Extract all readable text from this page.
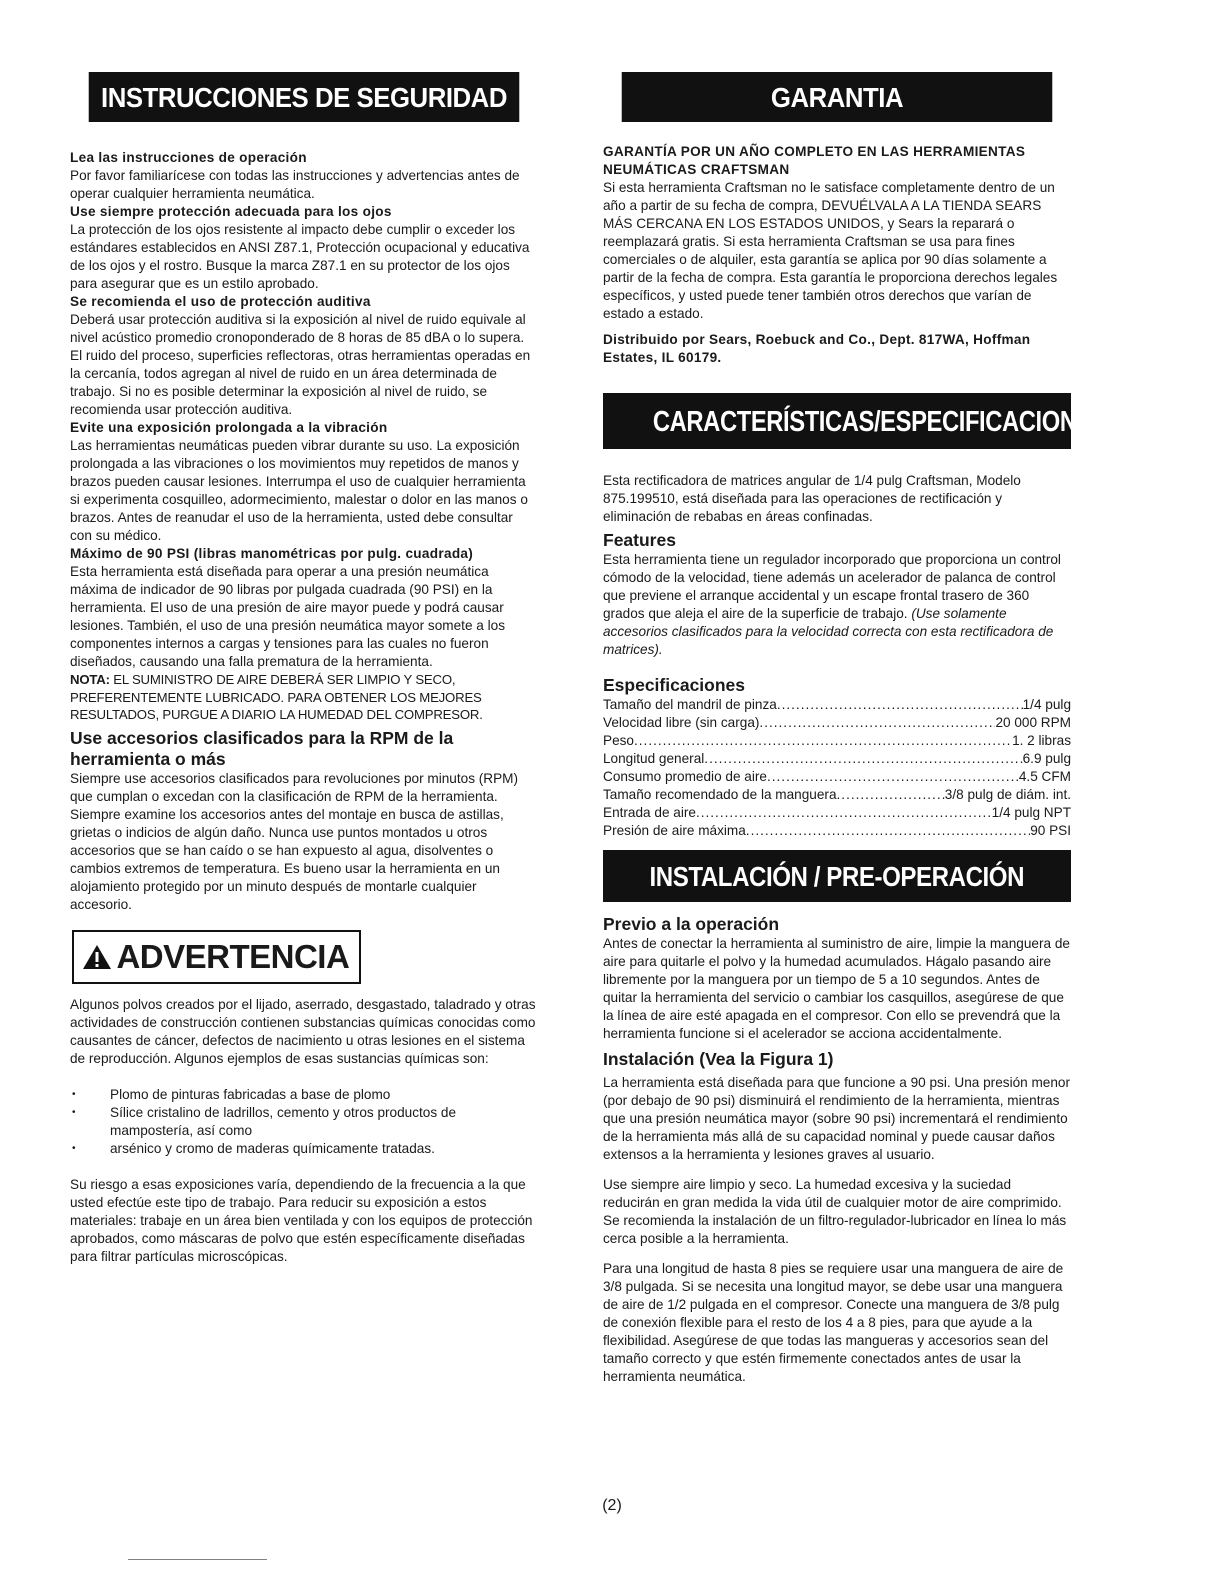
INSTRUCCIONES DE SEGURIDAD

Lea las instrucciones de operación

Por favor familiarícese con todas las instrucciones y advertencias antes de operar cualquier herramienta neumática.

Use siempre protección adecuada para los ojos

La protección de los ojos resistente al impacto debe cumplir o exceder los estándares establecidos en ANSI Z87.1, Protección ocupacional y educativa de los ojos y el rostro. Busque la marca Z87.1 en su protector de los ojos para asegurar que es un estilo aprobado.

Se recomienda el uso de protección auditiva

Deberá usar protección auditiva si la exposición al nivel de ruido equivale al nivel acústico promedio cronoponderado de 8 horas de 85 dBA o lo supera. El ruido del proceso, superficies reflectoras, otras herramientas operadas en la cercanía, todos agregan al nivel de ruido en un área determinada de trabajo. Si no es posible determinar la exposición al nivel de ruido, se recomienda usar protección auditiva.

Evite una exposición prolongada a la vibración

Las herramientas neumáticas pueden vibrar durante su uso. La exposición prolongada a las vibraciones o los movimientos muy repetidos de manos y brazos pueden causar lesiones. Interrumpa el uso de cualquier herramienta si experimenta cosquilleo, adormecimiento, malestar o dolor en las manos o brazos. Antes de reanudar el uso de la herramienta, usted debe consultar con su médico.

Máximo de 90 PSI (libras manométricas por pulg. cuadrada)

Esta herramienta está diseñada para operar a una presión neumática máxima de indicador de 90 libras por pulgada cuadrada (90 PSI) en la herramienta. El uso de una presión de aire mayor puede y podrá causar lesiones. También, el uso de una presión neumática mayor somete a los componentes internos a cargas y tensiones para las cuales no fueron diseñados, causando una falla prematura de la herramienta.

NOTA: EL SUMINISTRO DE AIRE DEBERÁ SER LIMPIO Y SECO, PREFERENTEMENTE LUBRICADO. PARA OBTENER LOS MEJORES RESULTADOS, PURGUE A DIARIO LA HUMEDAD DEL COMPRESOR.

Use accesorios clasificados para la RPM de la herramienta o más

Siempre use accesorios clasificados para revoluciones por minutos (RPM) que cumplan o excedan con la clasificación de RPM de la herramienta. Siempre examine los accesorios antes del montaje en busca de astillas, grietas o indicios de algún daño. Nunca use puntos montados u otros accesorios que se han caído o se han expuesto al agua, disolventes o cambios extremos de temperatura. Es bueno usar la herramienta en un alojamiento protegido por un minuto después de montarle cualquier accesorio.

ADVERTENCIA

Algunos polvos creados por el lijado, aserrado, desgastado, taladrado y otras actividades de construcción contienen substancias químicas conocidas como causantes de cáncer, defectos de nacimiento u otras lesiones en el sistema de reproducción. Algunos ejemplos de esas sustancias químicas son:

• Plomo de pinturas fabricadas a base de plomo
• Sílice cristalino de ladrillos, cemento y otros productos de mampostería, así como
• arsénico y cromo de maderas químicamente tratadas.

Su riesgo a esas exposiciones varía, dependiendo de la frecuencia a la que usted efectúe este tipo de trabajo. Para reducir su exposición a estos materiales: trabaje en un área bien ventilada y con los equipos de protección aprobados, como máscaras de polvo que estén específicamente diseñadas para filtrar partículas microscópicas.

GARANTIA

GARANTÍA POR UN AÑO COMPLETO EN LAS HERRAMIENTAS NEUMÁTICAS CRAFTSMAN

Si esta herramienta Craftsman no le satisface completamente dentro de un año a partir de su fecha de compra, DEVUÉLVALA A LA TIENDA SEARS MÁS CERCANA EN LOS ESTADOS UNIDOS, y Sears la reparará o reemplazará gratis. Si esta herramienta Craftsman se usa para fines comerciales o de alquiler, esta garantía se aplica por 90 días solamente a partir de la fecha de compra. Esta garantía le proporciona derechos legales específicos, y usted puede tener también otros derechos que varían de estado a estado.

Distribuido por Sears, Roebuck and Co., Dept. 817WA, Hoffman Estates, IL 60179.

CARACTERÍSTICAS/ESPECIFICACIONES

Esta rectificadora de matrices angular de 1/4 pulg Craftsman, Modelo 875.199510, está diseñada para las operaciones de rectificación y eliminación de rebabas en áreas confinadas.

Features

Esta herramienta tiene un regulador incorporado que proporciona un control cómodo de la velocidad, tiene además un acelerador de palanca de control que previene el arranque accidental y un escape frontal trasero de 360 grados que aleja el aire de la superficie de trabajo. (Use solamente accesorios clasificados para la velocidad correcta con esta rectificadora de matrices).

Especificaciones

Tamaño del mandril de pinza .....	1/4 pulg
Velocidad libre (sin carga) .....	20 000 RPM
Peso .....	1. 2 libras
Longitud general .....	6.9 pulg
Consumo promedio de aire .....	4.5 CFM
Tamaño recomendado de la manguera .....	3/8 pulg de diám. int.
Entrada de aire .....	1/4 pulg NPT
Presión de aire máxima .....	90 PSI
INSTALACIÓN / PRE-OPERACIÓN

Previo a la operación

Antes de conectar la herramienta al suministro de aire, limpie la manguera de aire para quitarle el polvo y la humedad acumulados. Hágalo pasando aire libremente por la manguera por un tiempo de 5 a 10 segundos. Antes de quitar la herramienta del servicio o cambiar los casquillos, asegúrese de que la línea de aire esté apagada en el compresor. Con ello se prevendrá que la herramienta funcione si el acelerador se acciona accidentalmente.

Instalación (Vea la Figura 1)

La herramienta está diseñada para que funcione a 90 psi. Una presión menor (por debajo de 90 psi) disminuirá el rendimiento de la herramienta, mientras que una presión neumática mayor (sobre 90 psi) incrementará el rendimiento de la herramienta más allá de su capacidad nominal y puede causar daños extensos a la herramienta y lesiones graves al usuario.

Use siempre aire limpio y seco. La humedad excesiva y la suciedad reducirán en gran medida la vida útil de cualquier motor de aire comprimido. Se recomienda la instalación de un filtro-regulador-lubricador en línea lo más cerca posible a la herramienta.

Para una longitud de hasta 8 pies se requiere usar una manguera de aire de 3/8 pulgada. Si se necesita una longitud mayor, se debe usar una manguera de aire de 1/2 pulgada en el compresor. Conecte una manguera de 3/8 pulg de conexión flexible para el resto de los 4 a 8 pies, para que ayude a la flexibilidad. Asegúrese de que todas las mangueras y accesorios sean del tamaño correcto y que estén firmemente conectados antes de usar la herramienta neumática.

(2)
